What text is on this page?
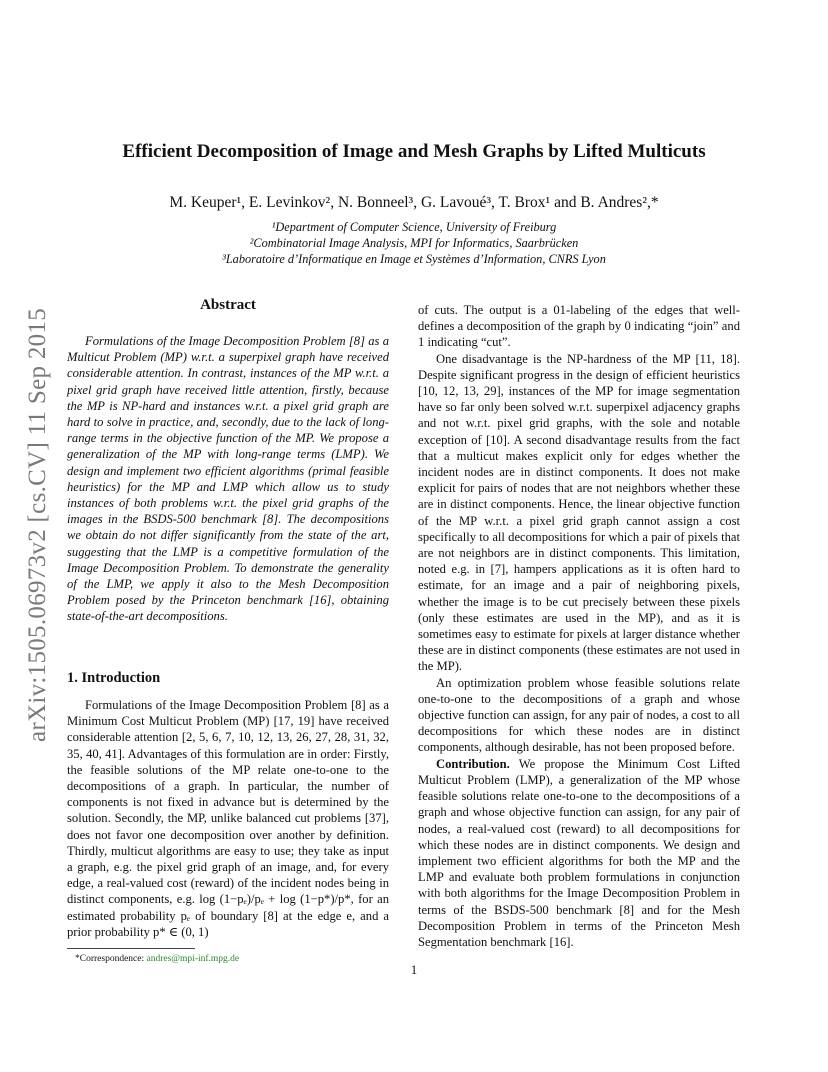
arXiv:1505.06973v2 [cs.CV] 11 Sep 2015
Efficient Decomposition of Image and Mesh Graphs by Lifted Multicuts
M. Keuper¹, E. Levinkov², N. Bonneel³, G. Lavoué³, T. Brox¹ and B. Andres²,*
¹Department of Computer Science, University of Freiburg
²Combinatorial Image Analysis, MPI for Informatics, Saarbrücken
³Laboratoire d’Informatique en Image et Systèmes d’Information, CNRS Lyon
Abstract
Formulations of the Image Decomposition Problem [8] as a Multicut Problem (MP) w.r.t. a superpixel graph have received considerable attention. In contrast, instances of the MP w.r.t. a pixel grid graph have received little attention, firstly, because the MP is NP-hard and instances w.r.t. a pixel grid graph are hard to solve in practice, and, secondly, due to the lack of long-range terms in the objective function of the MP. We propose a generalization of the MP with long-range terms (LMP). We design and implement two efficient algorithms (primal feasible heuristics) for the MP and LMP which allow us to study instances of both problems w.r.t. the pixel grid graphs of the images in the BSDS-500 benchmark [8]. The decompositions we obtain do not differ significantly from the state of the art, suggesting that the LMP is a competitive formulation of the Image Decomposition Problem. To demonstrate the generality of the LMP, we apply it also to the Mesh Decomposition Problem posed by the Princeton benchmark [16], obtaining state-of-the-art decompositions.
1. Introduction

Formulations of the Image Decomposition Problem [8] as a Minimum Cost Multicut Problem (MP) [17, 19] have received considerable attention [2, 5, 6, 7, 10, 12, 13, 26, 27, 28, 31, 32, 35, 40, 41]. Advantages of this formulation are in order: Firstly, the feasible solutions of the MP relate one-to-one to the decompositions of a graph. In particular, the number of components is not fixed in advance but is determined by the solution. Secondly, the MP, unlike balanced cut problems [37], does not favor one decomposition over another by definition. Thirdly, multicut algorithms are easy to use; they take as input a graph, e.g. the pixel grid graph of an image, and, for every edge, a real-valued cost (reward) of the incident nodes being in distinct components, e.g. log (1−pₑ)/pₑ + log (1−p*)/p*, for an estimated probability pₑ of boundary [8] at the edge e, and a prior probability p* ∈ (0, 1)

of cuts. The output is a 01-labeling of the edges that well-defines a decomposition of the graph by 0 indicating “join” and 1 indicating “cut”.

One disadvantage is the NP-hardness of the MP [11, 18]. Despite significant progress in the design of efficient heuristics [10, 12, 13, 29], instances of the MP for image segmentation have so far only been solved w.r.t. superpixel adjacency graphs and not w.r.t. pixel grid graphs, with the sole and notable exception of [10]. A second disadvantage results from the fact that a multicut makes explicit only for edges whether the incident nodes are in distinct components. It does not make explicit for pairs of nodes that are not neighbors whether these are in distinct components. Hence, the linear objective function of the MP w.r.t. a pixel grid graph cannot assign a cost specifically to all decompositions for which a pair of pixels that are not neighbors are in distinct components. This limitation, noted e.g. in [7], hampers applications as it is often hard to estimate, for an image and a pair of neighboring pixels, whether the image is to be cut precisely between these pixels (only these estimates are used in the MP), and as it is sometimes easy to estimate for pixels at larger distance whether these are in distinct components (these estimates are not used in the MP).

An optimization problem whose feasible solutions relate one-to-one to the decompositions of a graph and whose objective function can assign, for any pair of nodes, a cost to all decompositions for which these nodes are in distinct components, although desirable, has not been proposed before.

Contribution. We propose the Minimum Cost Lifted Multicut Problem (LMP), a generalization of the MP whose feasible solutions relate one-to-one to the decompositions of a graph and whose objective function can assign, for any pair of nodes, a real-valued cost (reward) to all decompositions for which these nodes are in distinct components. We design and implement two efficient algorithms for both the MP and the LMP and evaluate both problem formulations in conjunction with both algorithms for the Image Decomposition Problem in terms of the BSDS-500 benchmark [8] and for the Mesh Decomposition Problem in terms of the Princeton Mesh Segmentation benchmark [16].

*Correspondence: andres@mpi-inf.mpg.de
1
